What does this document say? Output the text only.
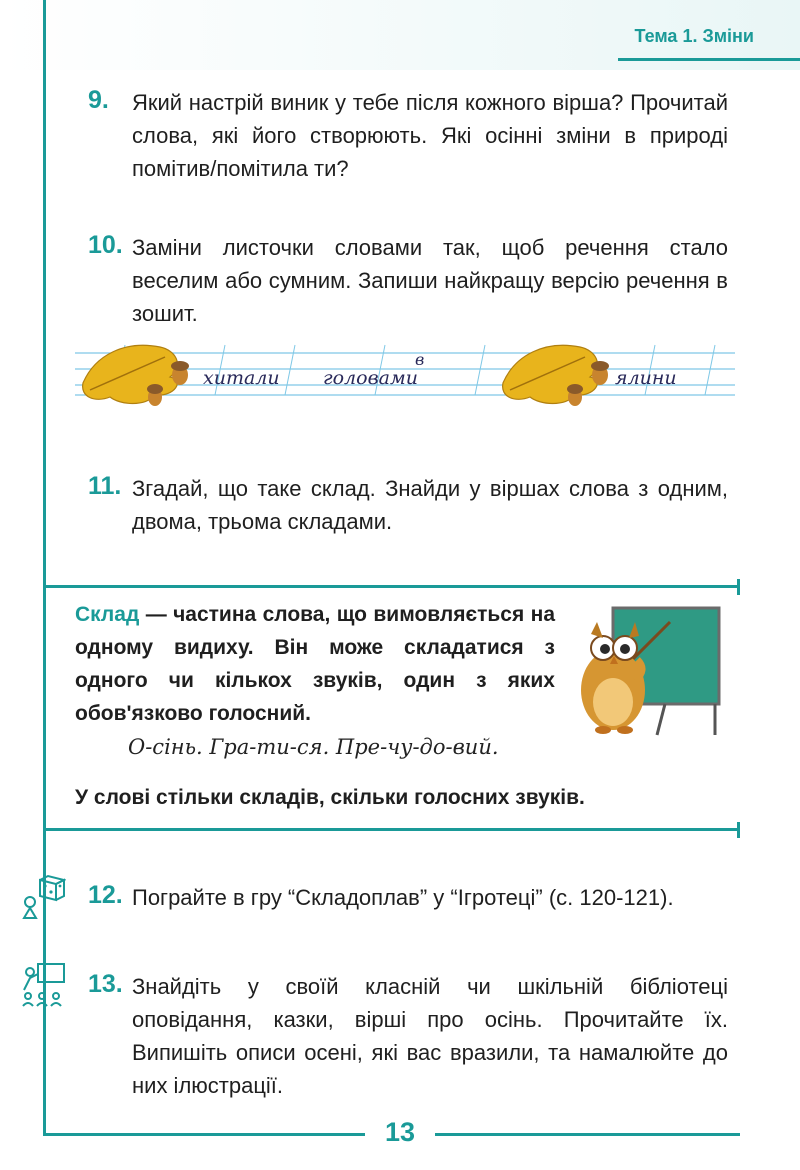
Тема 1. Зміни
9. Який настрій виник у тебе після кожного вірша? Прочитай слова, які його створюють. Які осінні зміни в природі помітив/помітила ти?
10. Заміни листочки словами так, щоб речення стало веселим або сумним. Запиши найкращу версію речення в зошит.
хитали головами	ялини
в
11. Згадай, що таке склад. Знайди у віршах слова з одним, двома, трьома складами.
Склад — частина слова, що вимовляється на одному видиху. Він може складатися з одного чи кількох звуків, один з яких обов'язково голосний.
О-сінь. Гра-ти-ся. Пре-чу-до-вий.
У слові стільки складів, скільки голосних звуків.
12. Пограйте в гру “Складоплав” у “Ігротеці” (с. 120-121).
13. Знайдіть у своїй класній чи шкільній бібліотеці оповідання, казки, вірші про осінь. Прочитайте їх. Випишіть описи осені, які вас вразили, та намалюйте до них ілюстрації.
13
